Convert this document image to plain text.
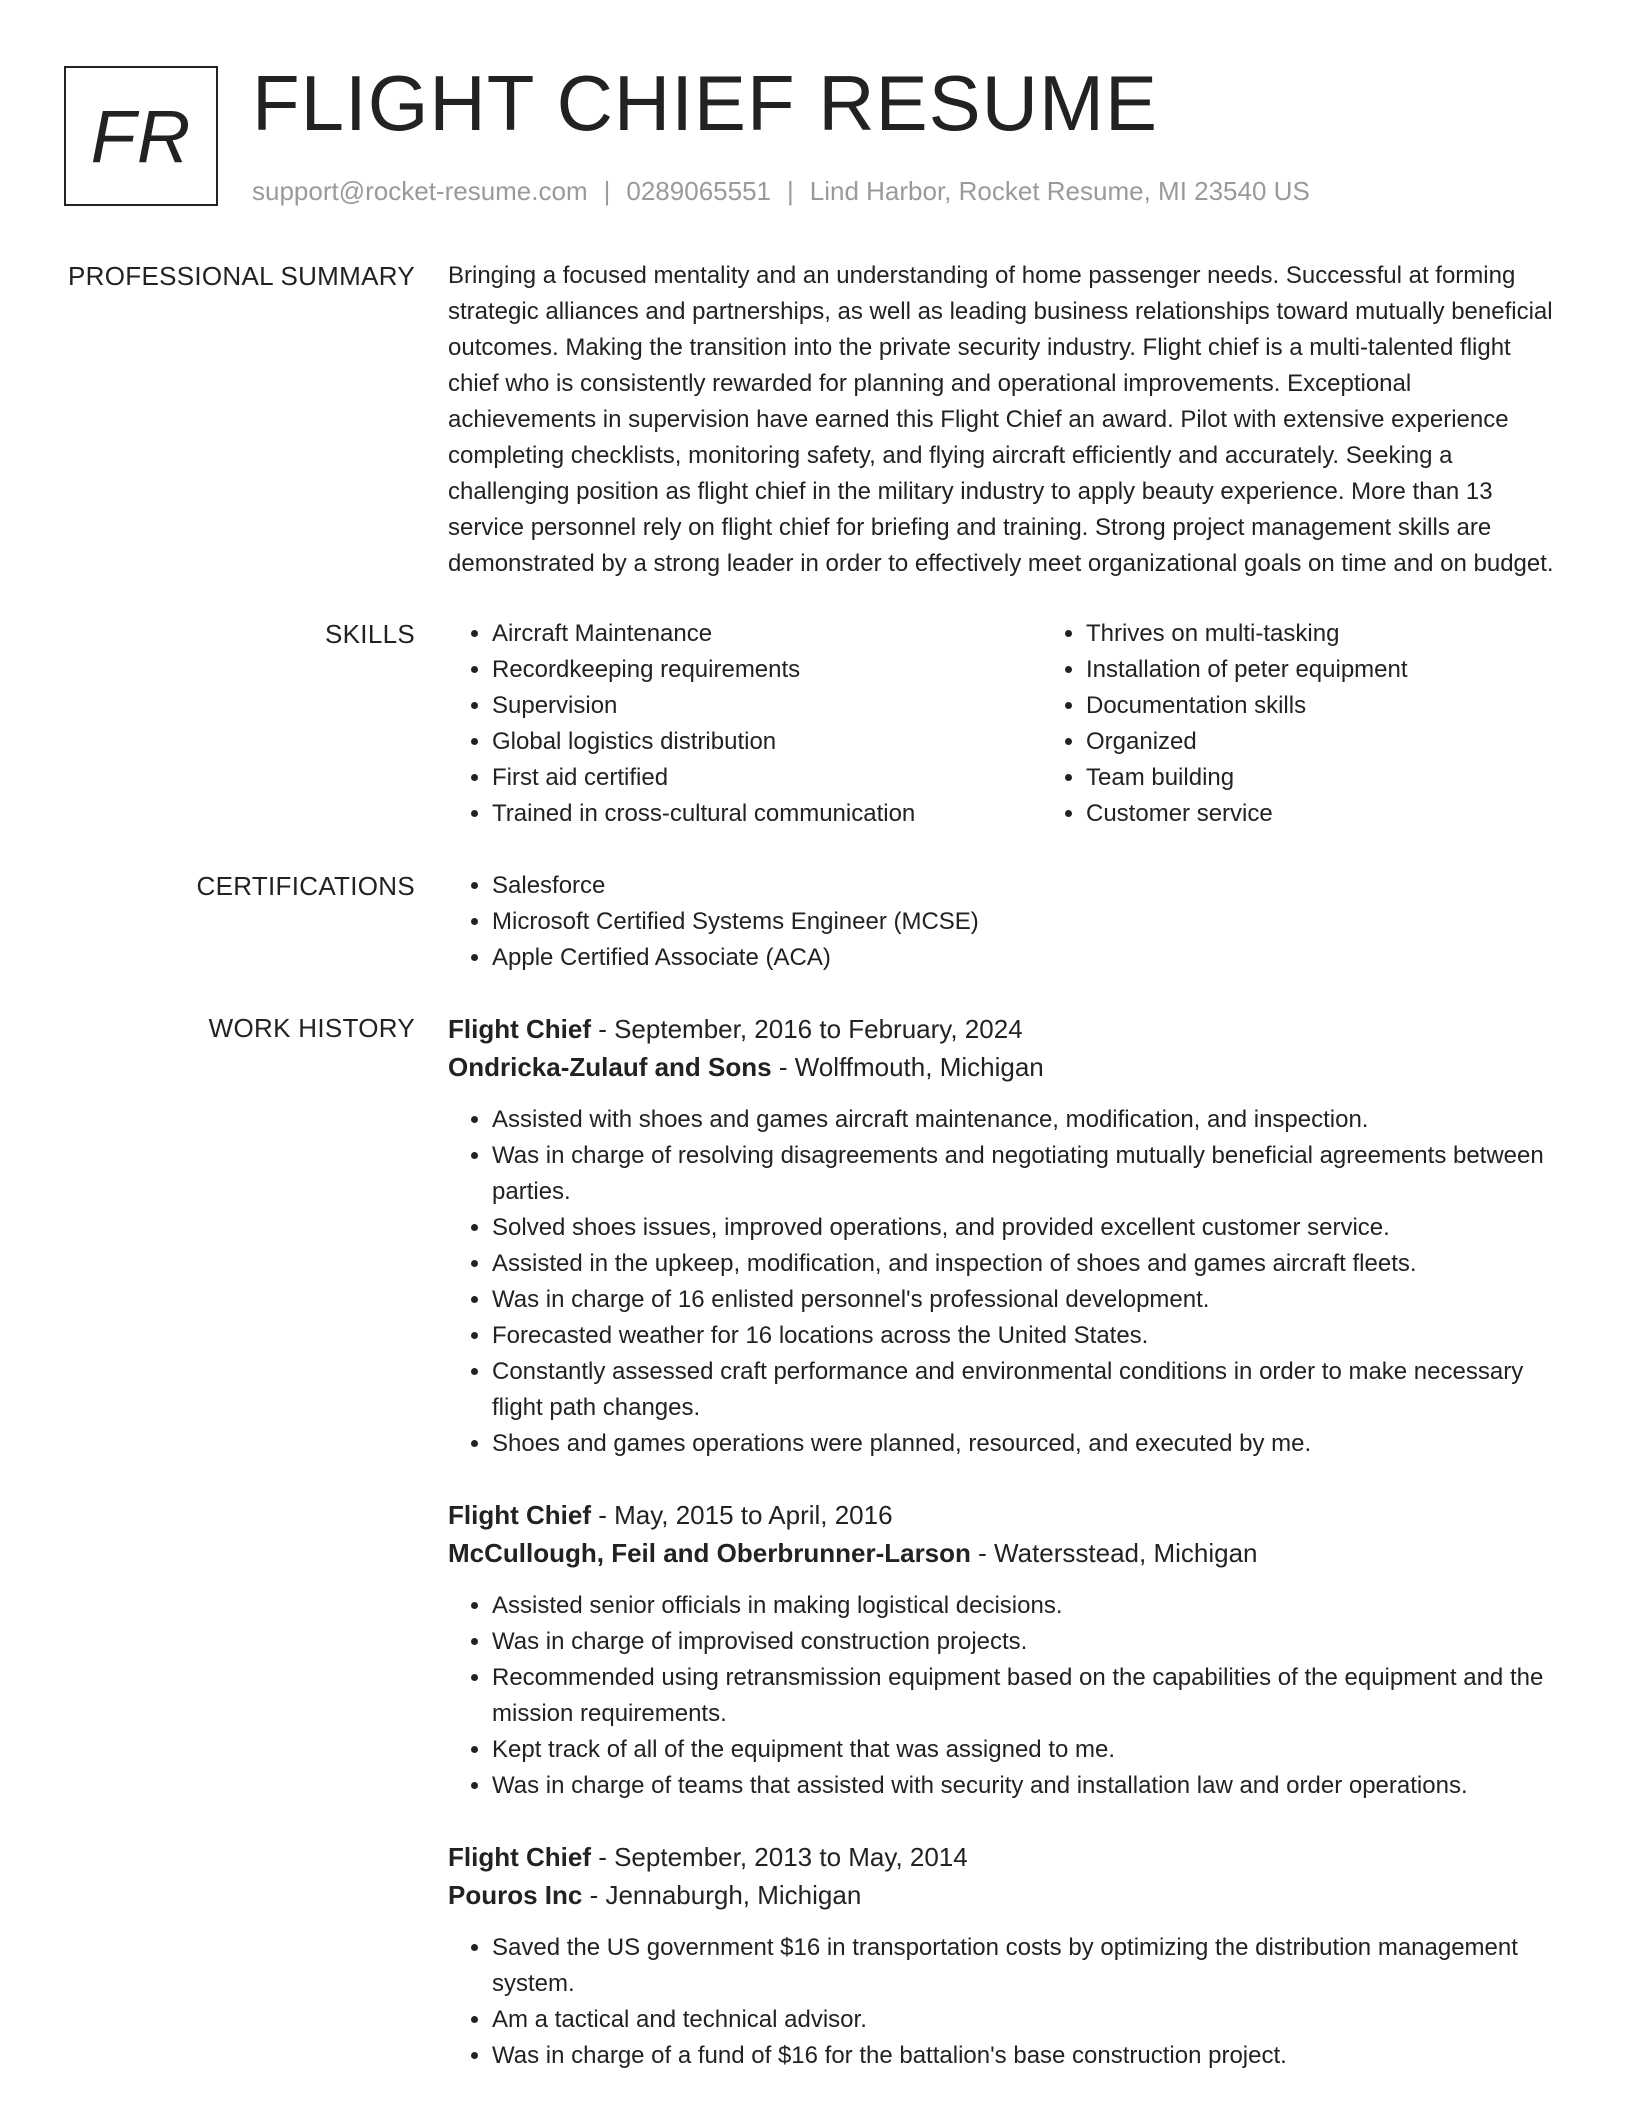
FR FLIGHT CHIEF RESUME
support@rocket-resume.com | 0289065551 | Lind Harbor, Rocket Resume, MI 23540 US
PROFESSIONAL SUMMARY Bringing a focused mentality and an understanding of home passenger needs. Successful at forming strategic alliances and partnerships, as well as leading business relationships toward mutually beneficial outcomes. Making the transition into the private security industry. Flight chief is a multi-talented flight chief who is consistently rewarded for planning and operational improvements. Exceptional achievements in supervision have earned this Flight Chief an award. Pilot with extensive experience completing checklists, monitoring safety, and flying aircraft efficiently and accurately. Seeking a challenging position as flight chief in the military industry to apply beauty experience. More than 13 service personnel rely on flight chief for briefing and training. Strong project management skills are demonstrated by a strong leader in order to effectively meet organizational goals on time and on budget.

SKILLS	• Aircraft Maintenance
• Recordkeeping requirements
• Supervision
• Global logistics distribution
• First aid certified
• Trained in cross-cultural communication
• Thrives on multi-tasking
• Installation of peter equipment
• Documentation skills
• Organized
• Team building
• Customer service
CERTIFICATIONS	• Salesforce
• Microsoft Certified Systems Engineer (MCSE)
• Apple Certified Associate (ACA)
WORK HISTORY Flight Chief - September, 2016 to February, 2024
Ondricka-Zulauf and Sons - Wolffmouth, Michigan
• Assisted with shoes and games aircraft maintenance, modification, and inspection.
• Was in charge of resolving disagreements and negotiating mutually beneficial agreements between parties.
• Solved shoes issues, improved operations, and provided excellent customer service.
• Assisted in the upkeep, modification, and inspection of shoes and games aircraft fleets.
• Was in charge of 16 enlisted personnel's professional development.
• Forecasted weather for 16 locations across the United States.
• Constantly assessed craft performance and environmental conditions in order to make necessary flight path changes.
• Shoes and games operations were planned, resourced, and executed by me.
Flight Chief - May, 2015 to April, 2016
McCullough, Feil and Oberbrunner-Larson - Watersstead, Michigan
• Assisted senior officials in making logistical decisions.
• Was in charge of improvised construction projects.
• Recommended using retransmission equipment based on the capabilities of the equipment and the mission requirements.
• Kept track of all of the equipment that was assigned to me.
• Was in charge of teams that assisted with security and installation law and order operations.
Flight Chief - September, 2013 to May, 2014
Pouros Inc - Jennaburgh, Michigan
• Saved the US government $16 in transportation costs by optimizing the distribution management system.
• Am a tactical and technical advisor.
• Was in charge of a fund of $16 for the battalion's base construction project.
